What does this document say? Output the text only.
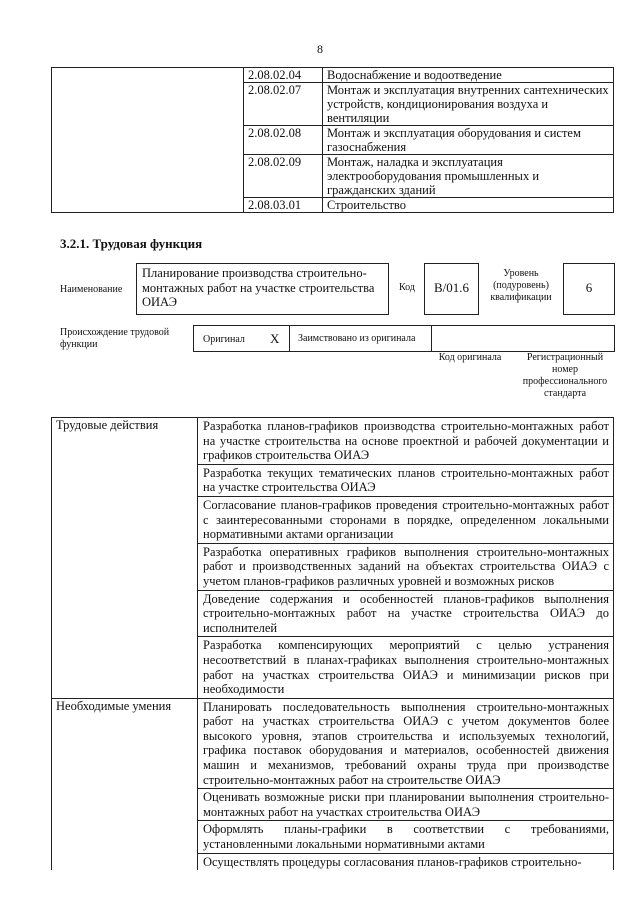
8
	2.08.02.04	Водоснабжение и водоотведение
	2.08.02.07	Монтаж и эксплуатация внутренних сантехнических устройств, кондиционирования воздуха и вентиляции
	2.08.02.08	Монтаж и эксплуатация оборудования и систем газоснабжения
	2.08.02.09	Монтаж, наладка и эксплуатация электрооборудования промышленных и гражданских зданий
	2.08.03.01	Строительство
3.2.1. Трудовая функция
Наименование
Планирование производства строительно-монтажных работ на участке строительства ОИАЭ
Код	B/01.6
Уровень (подуровень) квалификации
6
Происхождение трудовой функции	Оригинал X Заимствовано из оригинала
Код оригинала	Регистрационный номер профессионального стандарта
Трудовые действия	Разработка планов-графиков производства строительно-монтажных работ на участке строительства на основе проектной и рабочей документации и графиков строительства ОИАЭ
	Разработка текущих тематических планов строительно-монтажных работ на участке строительства ОИАЭ
	Согласование планов-графиков проведения строительно-монтажных работ с заинтересованными сторонами в порядке, определенном локальными нормативными актами организации
	Разработка оперативных графиков выполнения строительно-монтажных работ и производственных заданий на объектах строительства ОИАЭ с учетом планов-графиков различных уровней и возможных рисков
	Доведение содержания и особенностей планов-графиков выполнения строительно-монтажных работ на участке строительства ОИАЭ до исполнителей
	Разработка компенсирующих мероприятий с целью устранения несоответствий в планах-графиках выполнения строительно-монтажных работ на участках строительства ОИАЭ и минимизации рисков при необходимости
Необходимые умения	Планировать последовательность выполнения строительно-монтажных работ на участках строительства ОИАЭ с учетом документов более высокого уровня, этапов строительства и используемых технологий, графика поставок оборудования и материалов, особенностей движения машин и механизмов, требований охраны труда при производстве строительно-монтажных работ на строительстве ОИАЭ
	Оценивать возможные риски при планировании выполнения строительно-монтажных работ на участках строительства ОИАЭ
	Оформлять планы-графики в соответствии с требованиями, установленными локальными нормативными актами
	Осуществлять процедуры согласования планов-графиков строительно-
